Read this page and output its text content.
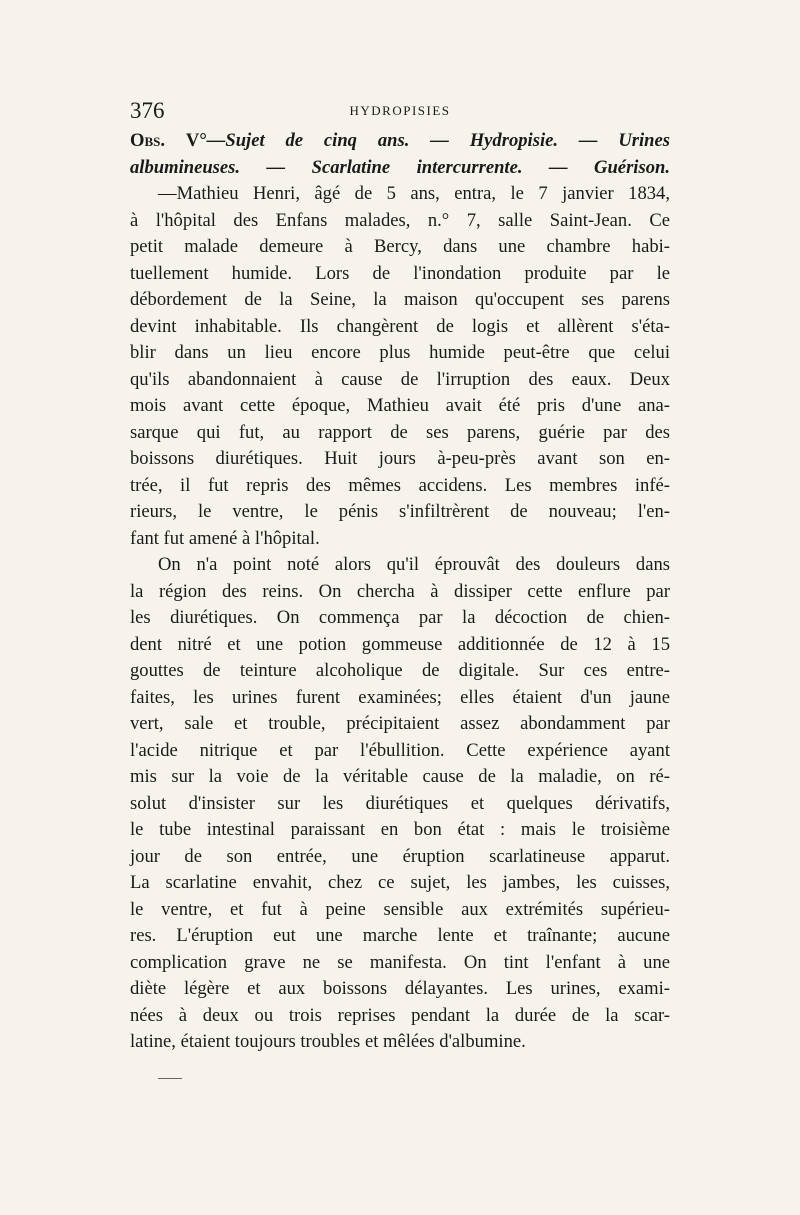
376	HYDROPISIES
Obs. V°—Sujet de cinq ans. — Hydropisie. — Urines
albumineuses. — Scarlatine intercurrente. — Guérison.
—Mathieu Henri, âgé de 5 ans, entra, le 7 janvier 1834,
à l'hôpital des Enfans malades, n.° 7, salle Saint-Jean. Ce
petit malade demeure à Bercy, dans une chambre habi-
tuellement humide. Lors de l'inondation produite par le
débordement de la Seine, la maison qu'occupent ses parens
devint inhabitable. Ils changèrent de logis et allèrent s'éta-
blir dans un lieu encore plus humide peut-être que celui
qu'ils abandonnaient à cause de l'irruption des eaux. Deux
mois avant cette époque, Mathieu avait été pris d'une ana-
sarque qui fut, au rapport de ses parens, guérie par des
boissons diurétiques. Huit jours à-peu-près avant son en-
trée, il fut repris des mêmes accidens. Les membres infé-
rieurs, le ventre, le pénis s'infiltrèrent de nouveau; l'en-
fant fut amené à l'hôpital.
On n'a point noté alors qu'il éprouvât des douleurs dans
la région des reins. On chercha à dissiper cette enflure par
les diurétiques. On commença par la décoction de chien-
dent nitré et une potion gommeuse additionnée de 12 à 15
gouttes de teinture alcoholique de digitale. Sur ces entre-
faites, les urines furent examinées; elles étaient d'un jaune
vert, sale et trouble, précipitaient assez abondamment par
l'acide nitrique et par l'ébullition. Cette expérience ayant
mis sur la voie de la véritable cause de la maladie, on ré-
solut d'insister sur les diurétiques et quelques dérivatifs,
le tube intestinal paraissant en bon état : mais le troisième
jour de son entrée, une éruption scarlatineuse apparut.
La scarlatine envahit, chez ce sujet, les jambes, les cuisses,
le ventre, et fut à peine sensible aux extrémités supérieu-
res. L'éruption eut une marche lente et traînante; aucune
complication grave ne se manifesta. On tint l'enfant à une
diète légère et aux boissons délayantes. Les urines, exami-
nées à deux ou trois reprises pendant la durée de la scar-
latine, étaient toujours troubles et mêlées d'albumine.
